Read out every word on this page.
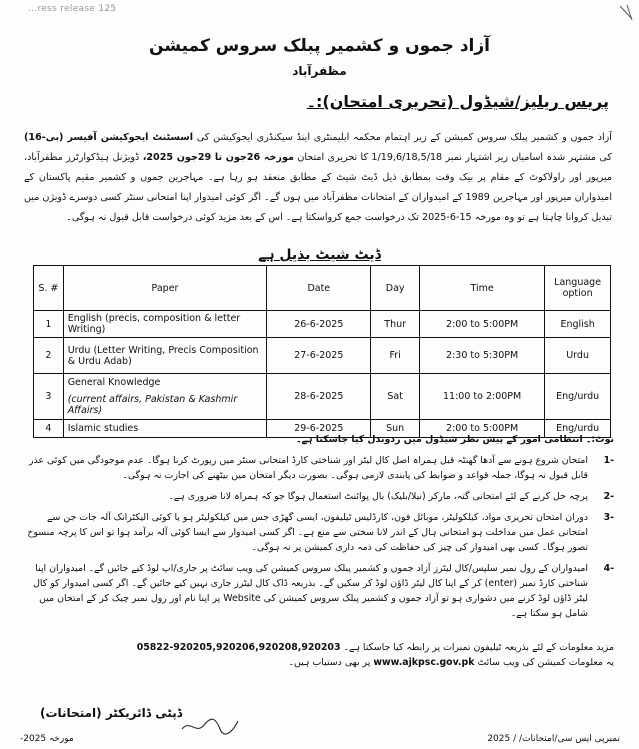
...ress release 125
آزاد جموں و کشمیر پبلک سروس کمیشن
مظفرآباد
پریس ریلیز/شیڈول (تحریری امتحان):۔
آزاد جموں و کشمیر پبلک سروس کمیشن کے زیر اہتمام محکمہ ایلیمنٹری اینڈ سیکنڈری ایجوکیشن کی اسسٹنٹ ایجوکیشن آفیسر (بی-16) کی مشتہر شدہ اسامیاں زیر اشتہار نمبر 1/19,6/18,5/18 کا تحریری امتحان مورخہ 26جون تا 29جون 2025، ڈویژنل ہیڈکوارٹرز مظفرآباد، میرپور اور راولاکوٹ کے مقام پر بیک وقت بمطابق ذیل ڈیٹ شیٹ کے مطابق منعقد ہو رہا ہے۔ مہاجرین جموں و کشمیر مقیم پاکستان کے امیدواران میرپور اور مہاجرین 1989 کے امیدواران کے امتحانات مظفرآباد میں ہوں گے۔ اگر کوئی امیدوار اپنا امتحانی سنٹر کسی دوسرے ڈویژن میں تبدیل کروانا چاہتا ہے تو وہ مورخہ 15-6-2025 تک درخواست جمع کرواسکتا ہے۔ اس کے بعد مزید کوئی درخواست قابل قبول نہ ہوگی۔
ڈیٹ شیٹ بذیل ہے
S. #	Paper	Date	Day	Time	Language option
1	English (precis, composition & letter Writing)	26-6-2025	Thur	2:00 to 5:00PM	English
2	Urdu (Letter Writing, Precis Composition & Urdu Adab)	27-6-2025	Fri	2:30 to 5:30PM	Urdu
3	General Knowledge
(current affairs, Pakistan & Kashmir Affairs)	28-6-2025	Sat	11:00 to 2:00PM	Eng/urdu
4	Islamic studies	29-6-2025	Sun	2:00 to 5:00PM	Eng/urdu
نوٹ:۔ انتظامی امور کے پیش نظر شیڈول میں ردوبدل کیا جاسکتا ہے۔
-1
امتحان شروع ہونے سے آدھا گھنٹہ قبل ہمراہ اصل کال لیٹر اور شناختی کارڈ امتحانی سنٹر میں رپورٹ کرنا ہوگا۔ عدم موجودگی میں کوئی عذر قابل قبول نہ ہوگا، جملہ قواعد و ضوابط کی پابندی لازمی ہوگی۔ بصورت دیگر امتحان میں بیٹھنے کی اجازت نہ ہوگی۔
-2
پرچہ حل کرنے کے لئے امتحانی گتہ، مارکر (نیلا/بلیک) بال پوائنٹ استعمال ہوگا جو کہ ہمراہ لانا ضروری ہے۔
-3
دوران امتحان تحریری مواد، کیلکولیٹر، موبائل فون، کارڈلیس ٹیلیفون، ایسی گھڑی جس میں کیلکولیٹر ہو یا کوئی الیکٹرانک آلہ جات جن سے امتحانی عمل میں مداخلت ہو امتحانی ہال کے اندر لانا سختی سے منع ہے۔ اگر کسی امیدوار سے ایسا کوئی آلہ برآمد ہوا تو اس کا پرچہ منسوخ تصور ہوگا۔ کسی بھی امیدوار کی چیز کی حفاظت کی ذمہ داری کمیشن پر نہ ہوگی۔
-4
امیدواران کے رول نمبر سلپس/کال لیٹرز آزاد جموں و کشمیر پبلک سروس کمیشن کی ویب سائٹ پر جاری/اپ لوڈ کیے جائیں گے۔ امیدواران اپنا شناختی کارڈ نمبر (enter) کر کے اپنا کال لیٹر ڈاؤن لوڈ کر سکیں گے۔ بذریعہ ڈاک کال لیٹرز جاری نہیں کیے جائیں گے۔ اگر کسی امیدوار کو کال لیٹر ڈاؤن لوڈ کرنے میں دشواری ہو تو آزاد جموں و کشمیر پبلک سروس کمیشن کی Website پر اپنا نام اور رول نمبر چیک کر کے امتحان میں شامل ہو سکتا ہے۔
مزید معلومات کے لئے بذریعہ ٹیلیفون نمبرات پر رابطہ کیا جاسکتا ہے۔ 05822-920205,920206,920208,920203
یہ معلومات کمیشن کی ویب سائٹ www.ajkpsc.gov.pk پر بھی دستیاب ہیں۔
ڈپٹی ڈائریکٹر (امتحانات)
مورخہ -2025	نمبرپی ایس سی/امتحانات/ / 2025
